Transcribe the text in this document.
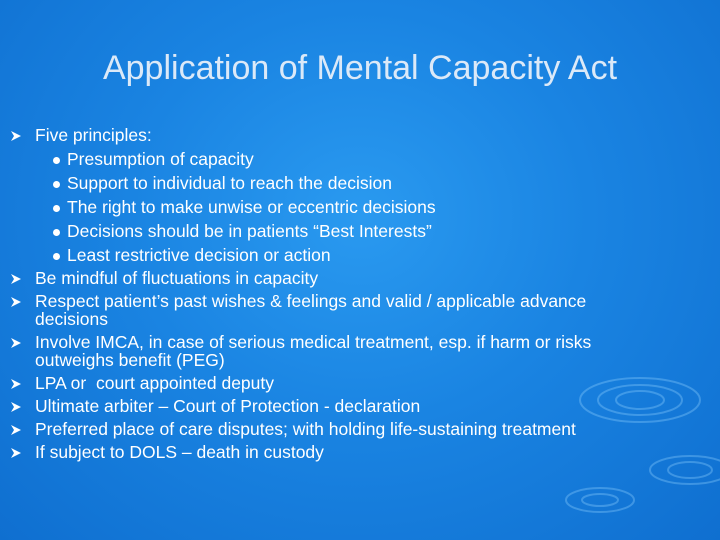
Application of Mental Capacity Act
Five principles:
Presumption of capacity
Support to individual to reach the decision
The right to make unwise or eccentric decisions
Decisions should be in patients “Best Interests”
Least restrictive decision or action
Be mindful of fluctuations in capacity
Respect patient’s past wishes & feelings and valid / applicable advance
decisions
Involve IMCA, in case of serious medical treatment, esp. if harm or risks
outweighs benefit (PEG)
LPA or  court appointed deputy
Ultimate arbiter – Court of Protection - declaration
Preferred place of care disputes; with holding life-sustaining treatment
If subject to DOLS – death in custody
